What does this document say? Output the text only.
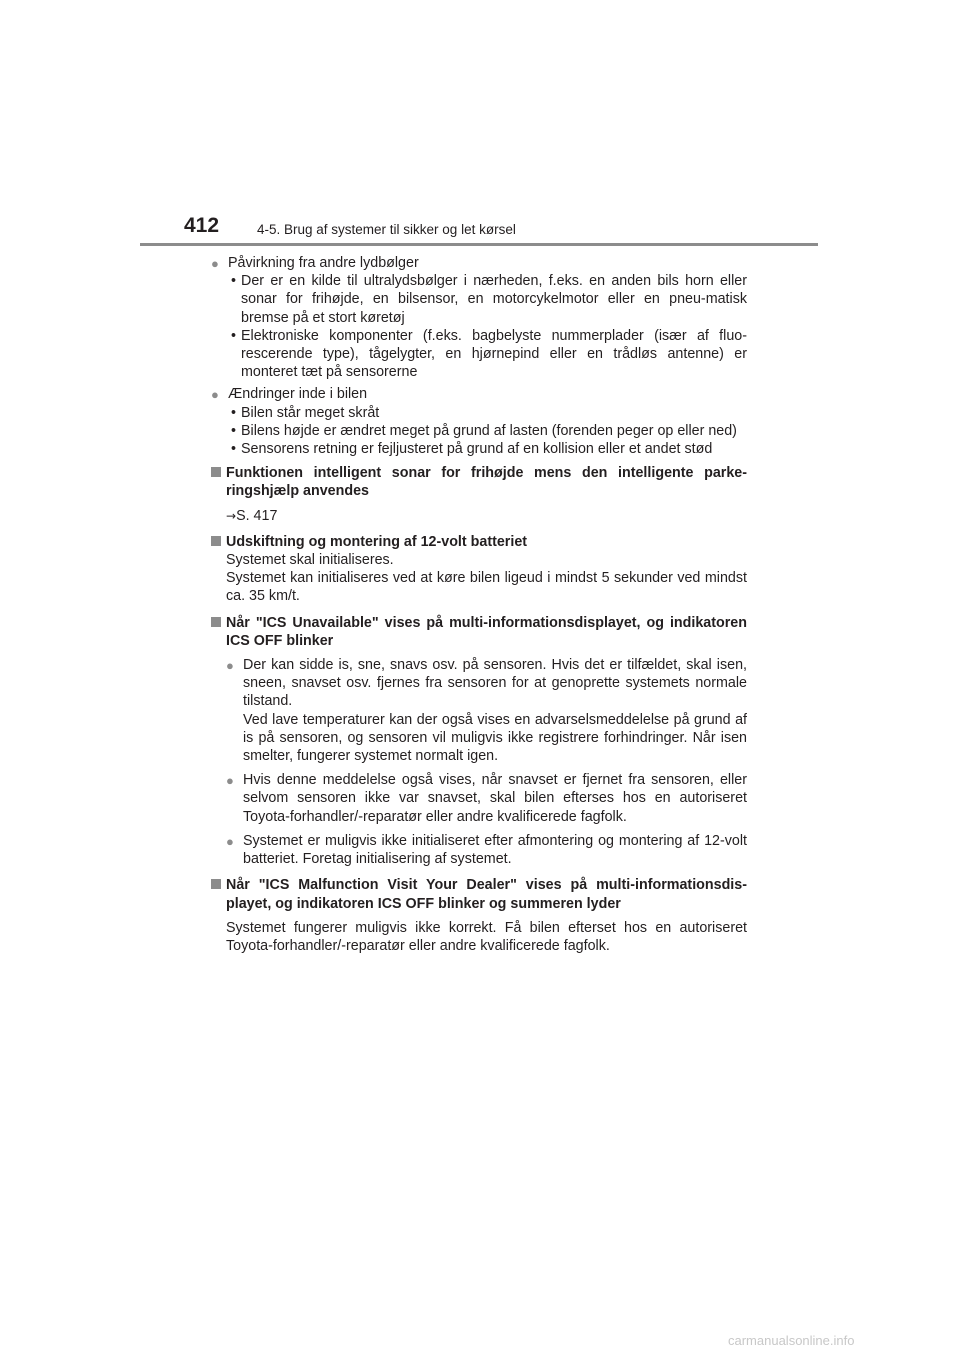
412	4-5. Brug af systemer til sikker og let kørsel
● Påvirkning fra andre lydbølger
• Der er en kilde til ultralydsbølger i nærheden, f.eks. en anden bils horn eller sonar for frihøjde, en bilsensor, en motorcykelmotor eller en pneu-matisk bremse på et stort køretøj
• Elektroniske komponenter (f.eks. bagbelyste nummerplader (især af fluo-rescerende type), tågelygter, en hjørnepind eller en trådløs antenne) er monteret tæt på sensorerne
● Ændringer inde i bilen
• Bilen står meget skråt
• Bilens højde er ændret meget på grund af lasten (forenden peger op eller ned)
• Sensorens retning er fejljusteret på grund af en kollision eller et andet stød
Funktionen intelligent sonar for frihøjde mens den intelligente parke-ringshjælp anvendes
→S. 417
Udskiftning og montering af 12-volt batteriet
Systemet skal initialiseres.
Systemet kan initialiseres ved at køre bilen ligeud i mindst 5 sekunder ved mindst ca. 35 km/t.
Når "ICS Unavailable" vises på multi-informationsdisplayet, og indikatoren ICS OFF blinker
● Der kan sidde is, sne, snavs osv. på sensoren. Hvis det er tilfældet, skal isen, sneen, snavset osv. fjernes fra sensoren for at genoprette systemets normale tilstand.
Ved lave temperaturer kan der også vises en advarselsmeddelelse på grund af is på sensoren, og sensoren vil muligvis ikke registrere forhindringer. Når isen smelter, fungerer systemet normalt igen.
● Hvis denne meddelelse også vises, når snavset er fjernet fra sensoren, eller selvom sensoren ikke var snavset, skal bilen efterses hos en autoriseret Toyota-forhandler/-reparatør eller andre kvalificerede fagfolk.
● Systemet er muligvis ikke initialiseret efter afmontering og montering af 12-volt batteriet. Foretag initialisering af systemet.
Når "ICS Malfunction Visit Your Dealer" vises på multi-informationsdis-playet, og indikatoren ICS OFF blinker og summeren lyder
Systemet fungerer muligvis ikke korrekt. Få bilen efterset hos en autoriseret Toyota-forhandler/-reparatør eller andre kvalificerede fagfolk.
carmanualsonline.info
